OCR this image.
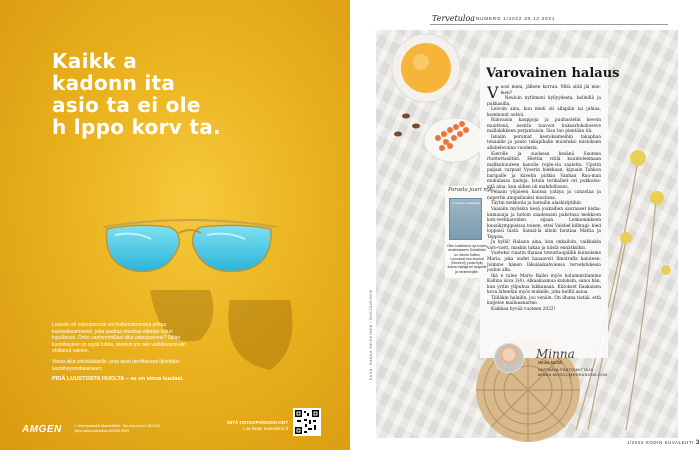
Kaikk a
kadonn ita
asio ta ei ole
h lppo korv ta.

Luukato eli osteoporoosi voi hoitamattomana johtaa luunkatkeamiseen, joka saattaa muuttaa elämän kulun lopullisesti. Onko vanhemmillasi ollut osteoporoosi? Siitän luunlihaytesi on syytä tutkia, sitenkin jos olet vaihdevuosi-iän ohittanut nainen.

Varaa aika yleislääkärille, jotta asiat tarvittaessa lähettään luuntiheysmittaukseen.

PIDÄ LUUSTOSTA HUOLTA – se on sinua kuulasi.
AMGEN	1. Kibbeytasaksi Maksettiteki. Tas-uskonma 4.18.2015 https://www.lakosinen.fi/fs/09.9004
MITÄ OSTEOPOROOSI ON?
Lue lisää: luustoliitto.fi
Tervetuloa NUMERO 1/2022 30.12.2021
Varovainen halaus

Vuosi meni, jälleen kerran. Mitä siitä jäi mie-leen?

Neuloin nyfiimeni kyllyydesta, belleillä ja pukkasilla.

Leivoin aina, kun mieli oli allapäin tai juhlaa, kommunit auttoi.

Rahvaisin kauppoja ja puuhastelin kevein muuttenä, aseitin tauvoot kuksarlokohoseve mallakikkeen perjantaisin. Sisu tuo pientään itä.

Isnalin perumat kestokaimeihin takaphan tenaalile ja pauto takapihalle muistuksi mistoksen allahelevaina vuodesta.

Kierolle ja suolassa kesänä Suomea rhettertasiltiin. Hiettin vitilä kuunteleemaan mallkahuuteen kanolle rople-via saaletta. Upotin paljaat varpaat Vyserin hiekkaan, kipuain Tahkon baripalle ja kävelin piitkin Vanhan Rau-man mukulassa kaduja. Istuin terikalleit ori pukkolos-sitä aina, kun siihen oli mahdollisuus.

Pelaain yöjaieen kanssa yatzya ja canastaa ja nopertin anupsilauksi mustissa.

Täytin mekkoita ja luetailin alaskiriptihin.

Vaaiaiin myöskin kesä joukaihen sauraaset kisha-kumauuja ja hotoin saadessani paketusa mekkoon koti-vevkkareiden sijaan. Lenkeminkeen kuusikymppisissa toinen, ettei Vaisbel kilbtagi- bied loppoisi tästä. Samal-la alloin farstiaa Mattia ja Teppoa.

Ja kyllä! Halasin aina, kun onkailoin, vaikkakin varo-vasti, maskin takaa ja niistä ennätksiksi.

Vuoteksi ruiatin thanaa toteuttaupällik kuinsiisme Maria, joka uudet haaaaveit Ilmatrafla kaiuteen. Joimme hänen läksiäiskahviensa tervehdukesia joulun alla.

Ikä é tulee Marie Bailei myös kolumnistiamme Kallina isiva 3(4). Alkaakaamua kuluksin, sanoi hän, kun yritin yllpuhua lukkanaan. Kiitokset Ilaakaisen kova läheetän myös mukelle, joka heiltä aaiua.

Tiilläkin halailin, joo venäin. On ilhana tietää, että kuljetse mailuaanarme.

Kaikkea hyvää vuoteen 2022!

Parasta juuri nyt
Lumoavat neulesukat
Olen kuiahtanut nyt kuvien neuleistaseen Sukatikkiin on Jannia Kallion Lumoavat neu-lesukat (Moreeni), jossa ltyily ihania mallaja eri langoille ja neuleneujille.
Minna
Minna McGill
VASTAAVA PÄÄTOIMITTAJA
MINNA.MCGILL@KOHANDMA.COM
KUVA: HANNA HEIKKINEN / BUSTAVESOW
1/2022 KODIN KUVALEHTI 3
